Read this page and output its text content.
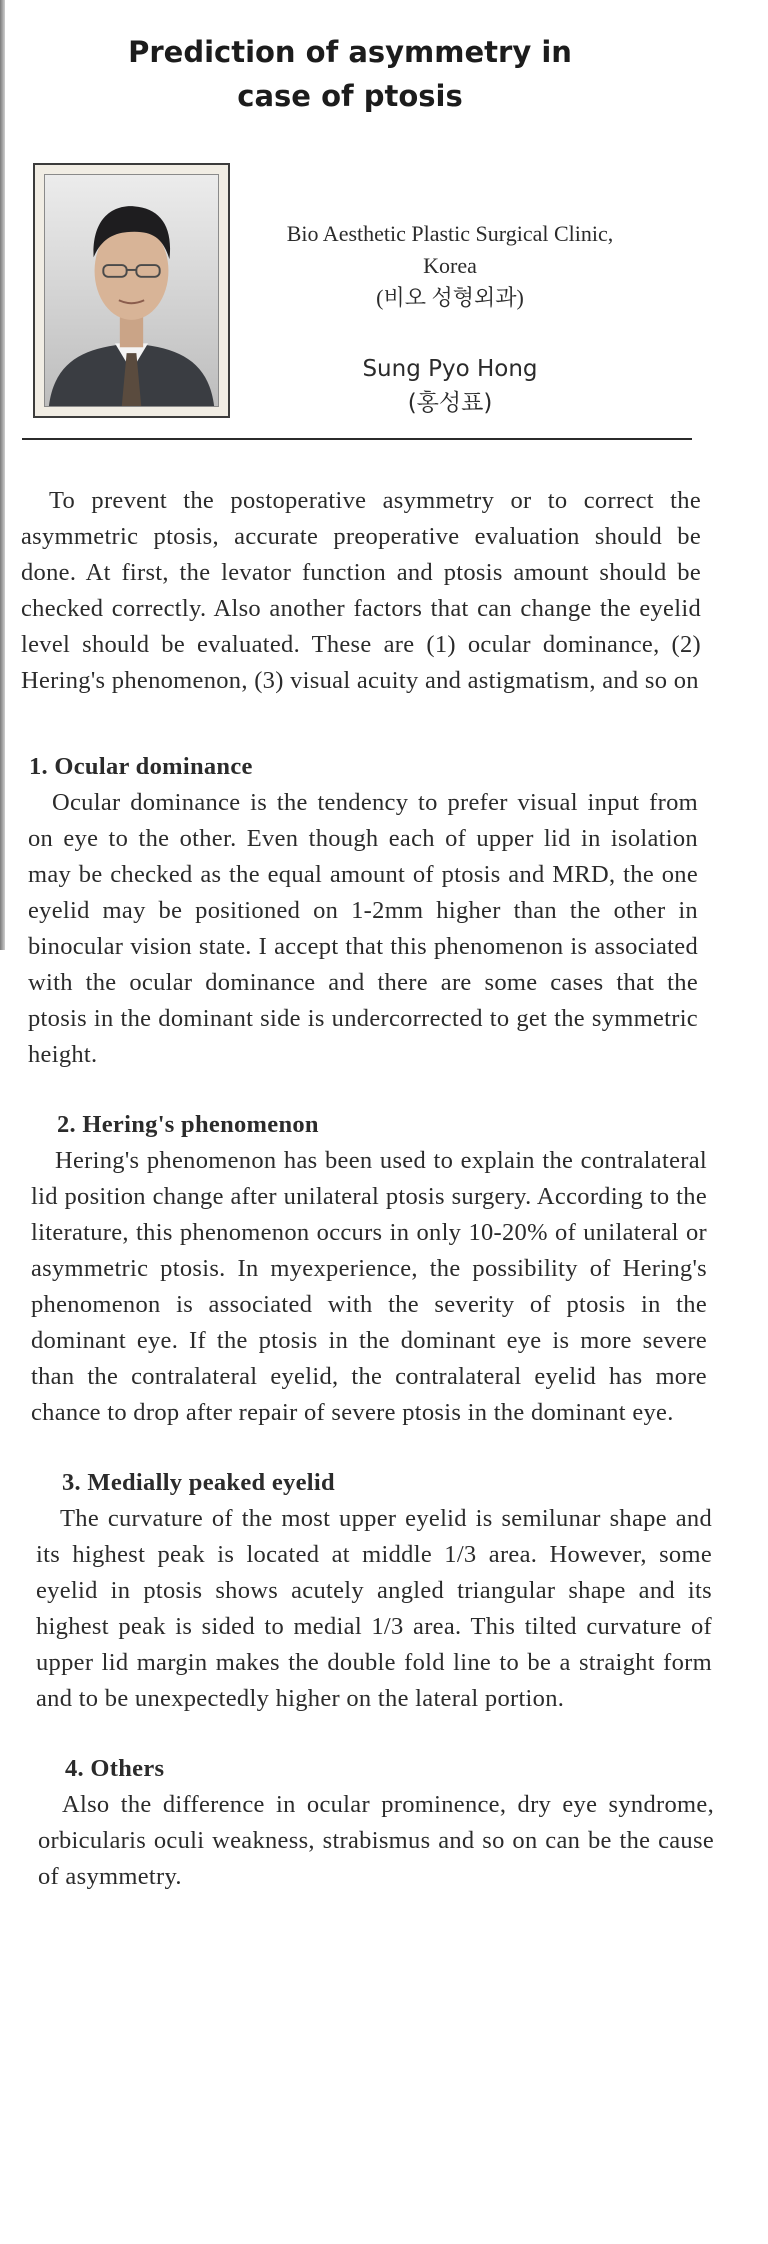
Prediction of asymmetry in
case of ptosis
Bio Aesthetic Plastic Surgical Clinic,
Korea
(비오 성형외과)
Sung Pyo Hong
(홍성표)

To prevent the postoperative asymmetry or to correct the asymmetric ptosis, accurate preoperative evaluation should be done. At first, the levator function and ptosis amount should be checked correctly. Also another factors that can change the eyelid level should be evaluated. These are (1) ocular dominance, (2) Hering's phenomenon, (3) visual acuity and astigmatism, and so on

1. Ocular dominance

Ocular dominance is the tendency to prefer visual input from on eye to the other. Even though each of upper lid in isolation may be checked as the equal amount of ptosis and MRD, the one eyelid may be positioned on 1-2mm higher than the other in binocular vision state. I accept that this phenomenon is associated with the ocular dominance and there are some cases that the ptosis in the dominant side is undercorrected to get the symmetric height.

2. Hering's phenomenon

Hering's phenomenon has been used to explain the contralateral lid position change after unilateral ptosis surgery. According to the literature, this phenomenon occurs in only 10-20% of unilateral or asymmetric ptosis. In myexperience, the possibility of Hering's phenomenon is associated with the severity of ptosis in the dominant eye. If the ptosis in the dominant eye is more severe than the contralateral eyelid, the contralateral eyelid has more chance to drop after repair of severe ptosis in the dominant eye.

3. Medially peaked eyelid

The curvature of the most upper eyelid is semilunar shape and its highest peak is located at middle 1/3 area. However, some eyelid in ptosis shows acutely angled triangular shape and its highest peak is sided to medial 1/3 area. This tilted curvature of upper lid margin makes the double fold line to be a straight form and to be unexpectedly higher on the lateral portion.

4. Others

Also the difference in ocular prominence, dry eye syndrome, orbicularis oculi weakness, strabismus and so on can be the cause of asymmetry.
